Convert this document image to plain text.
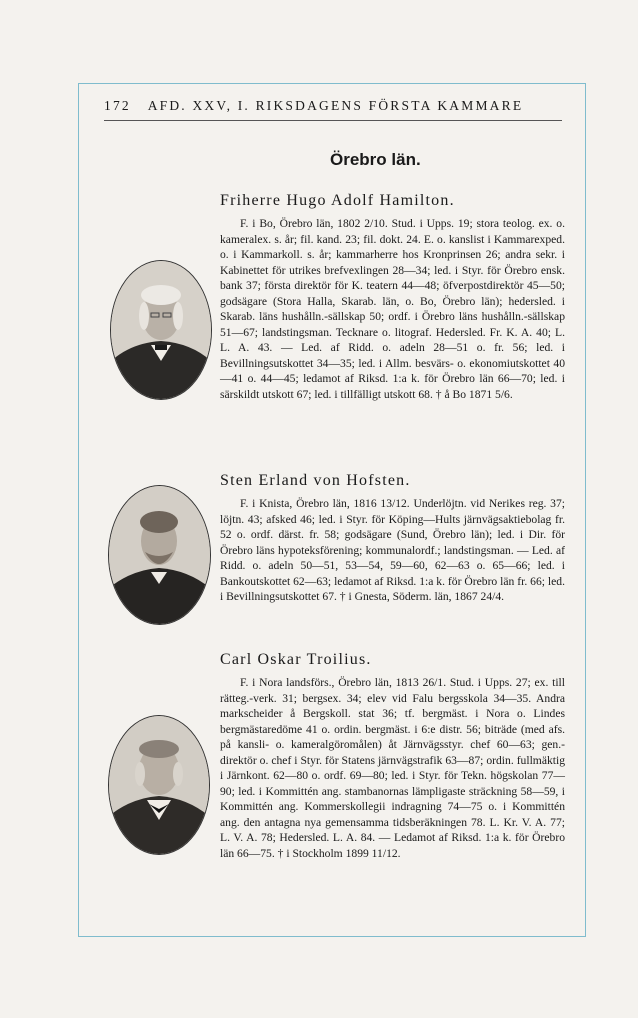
172 AFD. XXV, I. RIKSDAGENS FÖRSTA KAMMARE
Örebro län.

Friherre Hugo Adolf Hamilton.

F. i Bo, Örebro län, 1802 2/10. Stud. i Upps. 19; stora teolog. ex. o. kameralex. s. år; fil. kand. 23; fil. dokt. 24. E. o. kanslist i Kammarexped. o. i Kammarkoll. s. år; kammarherre hos Kronprinsen 26; andra sekr. i Kabinettet för utrikes brefvexlingen 28—34; led. i Styr. för Örebro ensk. bank 37; första direktör för K. teatern 44—48; öfverpostdirektör 45—50; godsägare (Stora Halla, Skarab. län, o. Bo, Örebro län); hedersled. i Skarab. läns hushålln.-sällskap 50; ordf. i Örebro läns hushålln.-sällskap 51—67; landstingsman. Tecknare o. litograf. Hedersled. Fr. K. A. 40; L. L. A. 43. — Led. af Ridd. o. adeln 28—51 o. fr. 56; led. i Bevillningsutskottet 34—35; led. i Allm. besvärs- o. ekonomiutskottet 40—41 o. 44—45; ledamot af Riksd. 1:a k. för Örebro län 66—70; led. i särskildt utskott 67; led. i tillfälligt utskott 68. † å Bo 1871 5/6.

Sten Erland von Hofsten.

F. i Knista, Örebro län, 1816 13/12. Underlöjtn. vid Nerikes reg. 37; löjtn. 43; afsked 46; led. i Styr. för Köping—Hults järnvägsaktiebolag fr. 52 o. ordf. därst. fr. 58; godsägare (Sund, Örebro län); led. i Dir. för Örebro läns hypoteksförening; kommunalordf.; landstingsman. — Led. af Ridd. o. adeln 50—51, 53—54, 59—60, 62—63 o. 65—66; led. i Bankoutskottet 62—63; ledamot af Riksd. 1:a k. för Örebro län fr. 66; led. i Bevillningsutskottet 67. † i Gnesta, Söderm. län, 1867 24/4.

Carl Oskar Troilius.

F. i Nora landsförs., Örebro län, 1813 26/1. Stud. i Upps. 27; ex. till rätteg.-verk. 31; bergsex. 34; elev vid Falu bergsskola 34—35. Andra markscheider å Bergskoll. stat 36; tf. bergmäst. i Nora o. Lindes bergmästaredöme 41 o. ordin. bergmäst. i 6:e distr. 56; biträde (med afs. på kansli- o. kameralgöromålen) åt Järnvägsstyr. chef 60—63; gen.-direktör o. chef i Styr. för Statens järnvägstrafik 63—87; ordin. fullmäktig i Järnkont. 62—80 o. ordf. 69—80; led. i Styr. för Tekn. högskolan 77—90; led. i Kommittén ang. stambanornas lämpligaste sträckning 58—59, i Kommittén ang. Kommerskollegii indragning 74—75 o. i Kommittén ang. den antagna nya gemensamma tidsberäkningen 78. L. Kr. V. A. 77; L. V. A. 78; Hedersled. L. A. 84. — Ledamot af Riksd. 1:a k. för Örebro län 66—75. † i Stockholm 1899 11/12.
